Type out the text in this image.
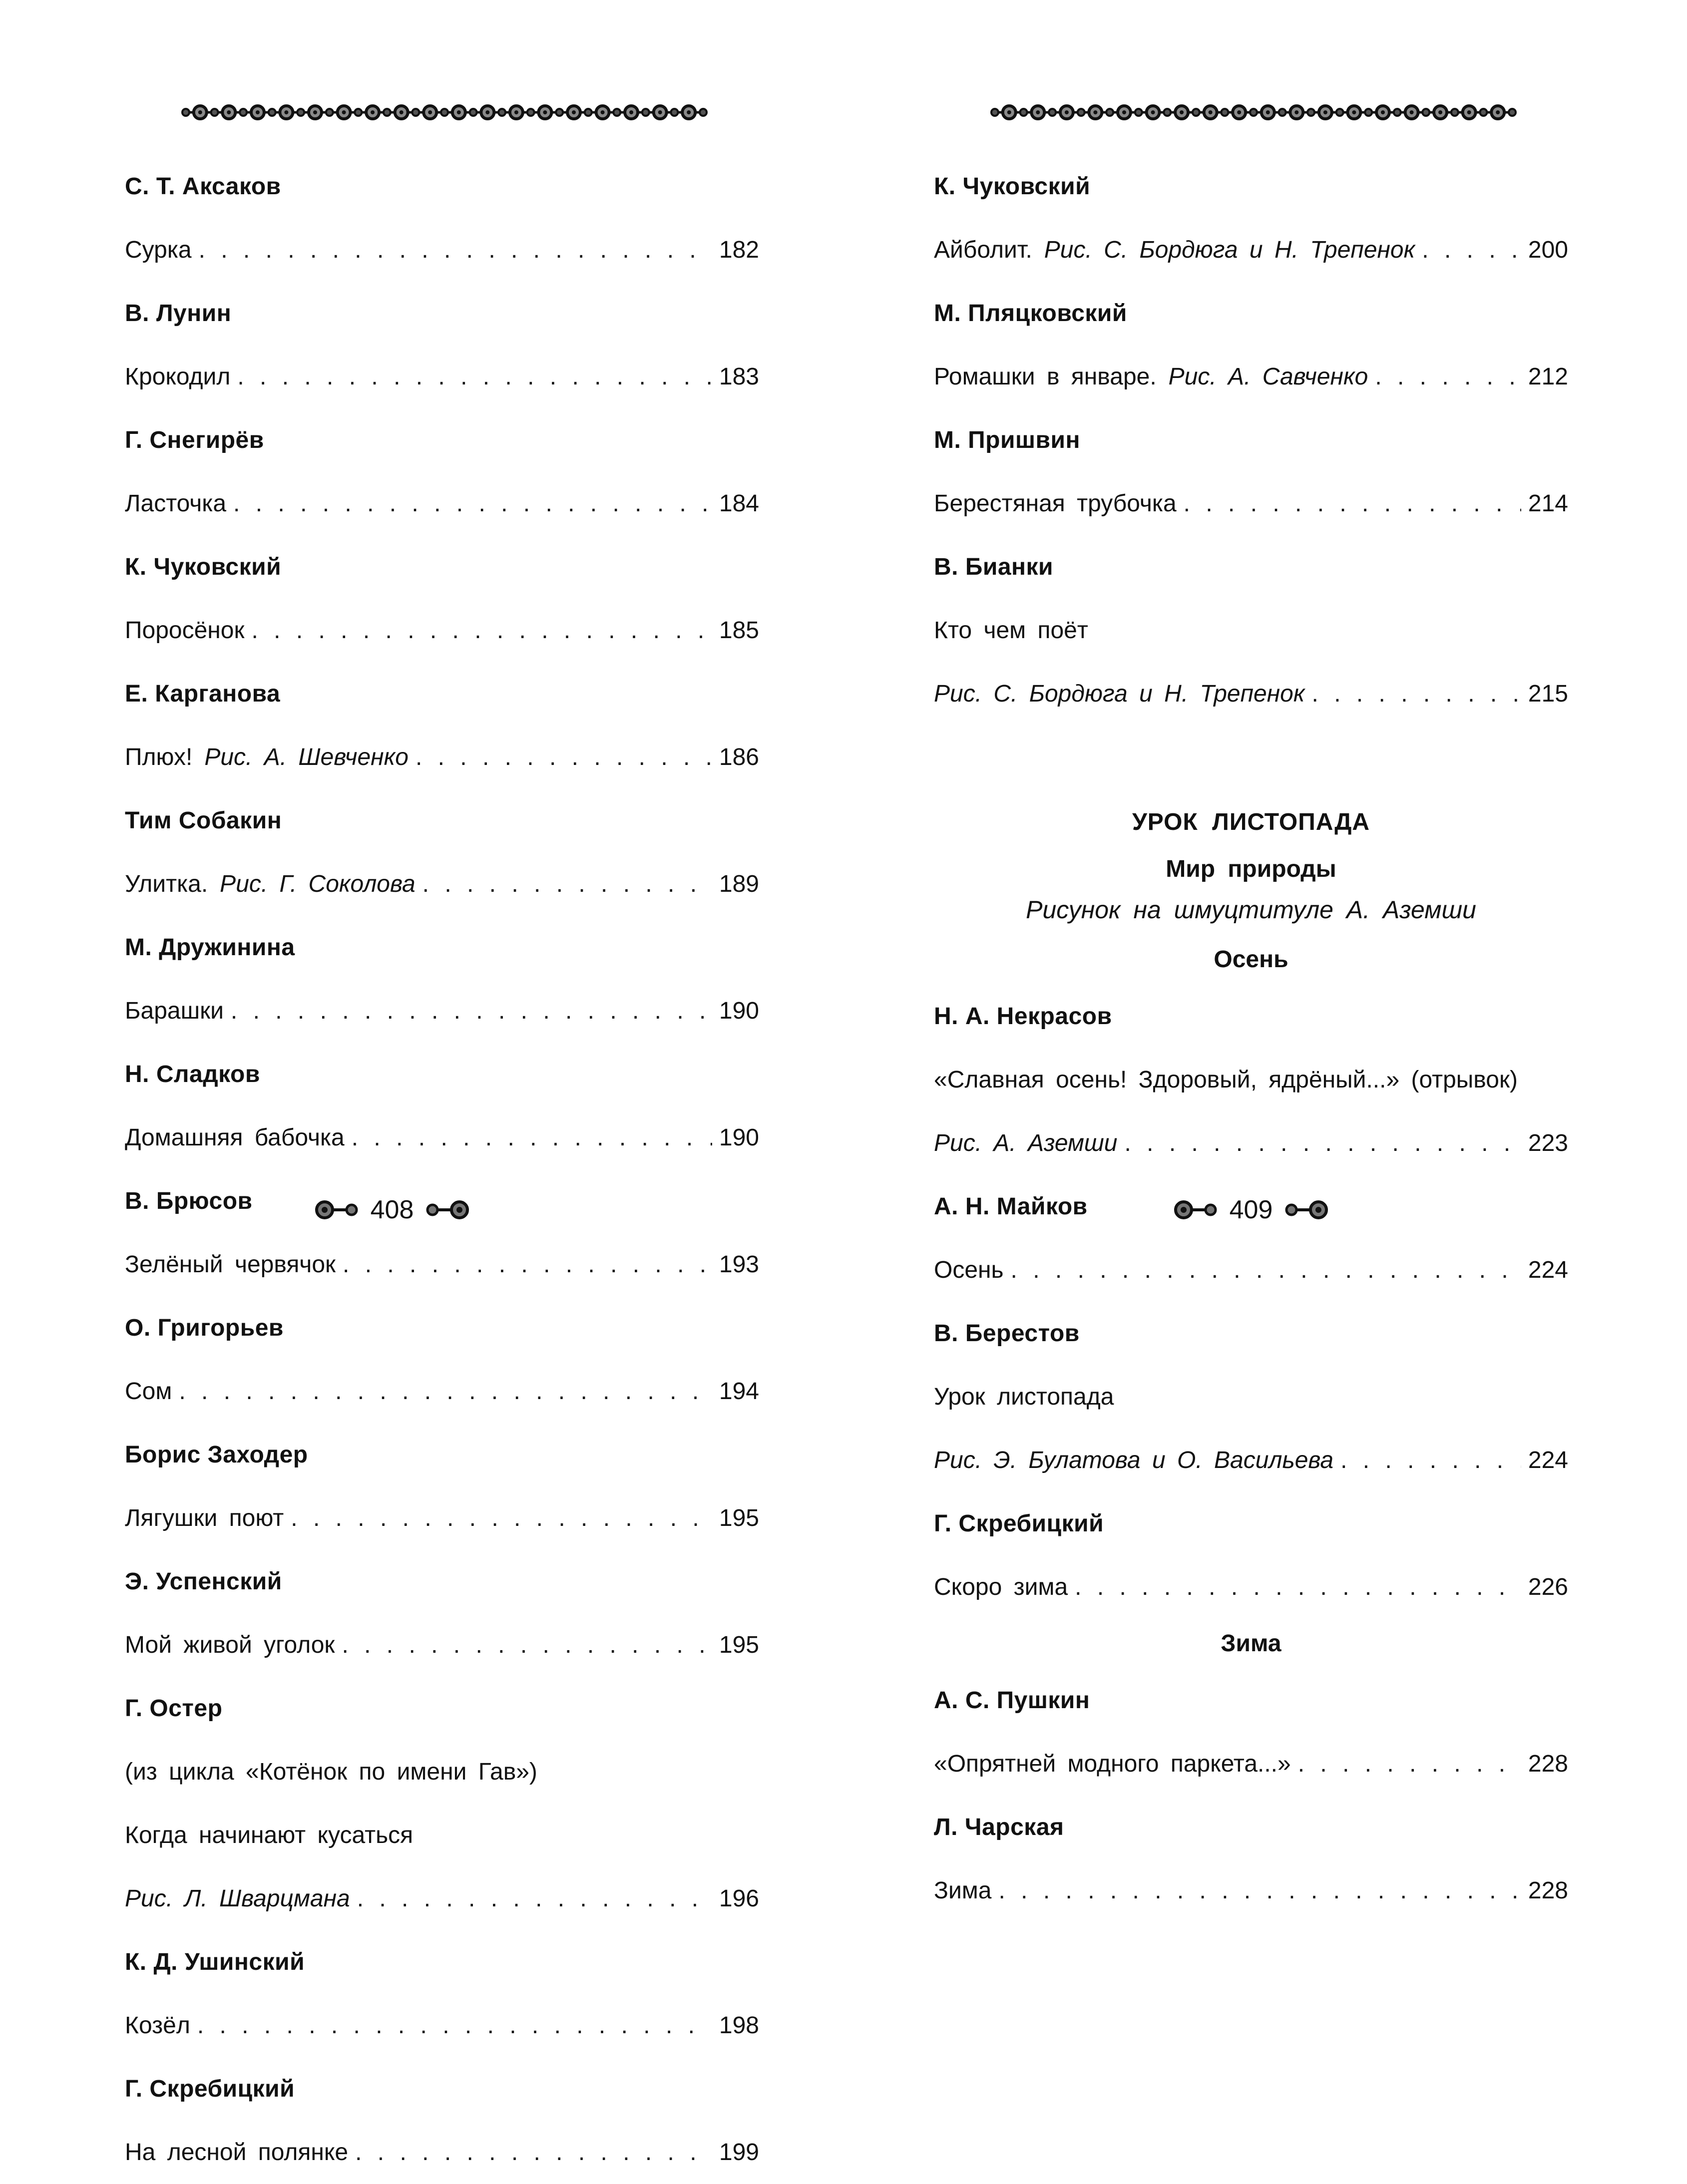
С. Т. Аксаков
Сурка . . .	182
В. Лунин
Крокодил . . .	183
Г. Снегирёв
Ласточка . . .	184
К. Чуковский
Поросёнок . . .	185
Е. Карганова
Плюх! Рис. А. Шевченко . . .	186
Тим Собакин
Улитка. Рис. Г. Соколова . . .	189
М. Дружинина
Барашки . . .	190
Н. Сладков
Домашняя бабочка . . .	190
В. Брюсов
Зелёный червячок . . .	193
О. Григорьев
Сом . . .	194
Борис Заходер
Лягушки поют . . .	195
Э. Успенский
Мой живой уголок . . .	195
Г. Остер
(из цикла «Котёнок по имени Гав»)
Когда начинают кусаться
Рис. Л. Шварцмана . . .	196
К. Д. Ушинский
Козёл . . .	198
Г. Скребицкий
На лесной полянке . . .	199
408
К. Чуковский
Айболит. Рис. С. Бордюга и Н. Трепенок . . .	200
М. Пляцковский
Ромашки в январе. Рис. А. Савченко . . .	212
М. Пришвин
Берестяная трубочка . . .	214
В. Бианки
Кто чем поёт
Рис. С. Бордюга и Н. Трепенок . . .	215
УРОК ЛИСТОПАДА
Мир природы
Рисунок на шмуцтитуле А. Аземши
Осень
Н. А. Некрасов
«Славная осень! Здоровый, ядрёный...» (отрывок)
Рис. А. Аземши . . .	223
А. Н. Майков
Осень . . .	224
В. Берестов
Урок листопада
Рис. Э. Булатова и О. Васильева . . .	224
Г. Скребицкий
Скоро зима . . .	226
Зима
А. С. Пушкин
«Опрятней модного паркета...» . . .	228
Л. Чарская
Зима . . .	228
409
